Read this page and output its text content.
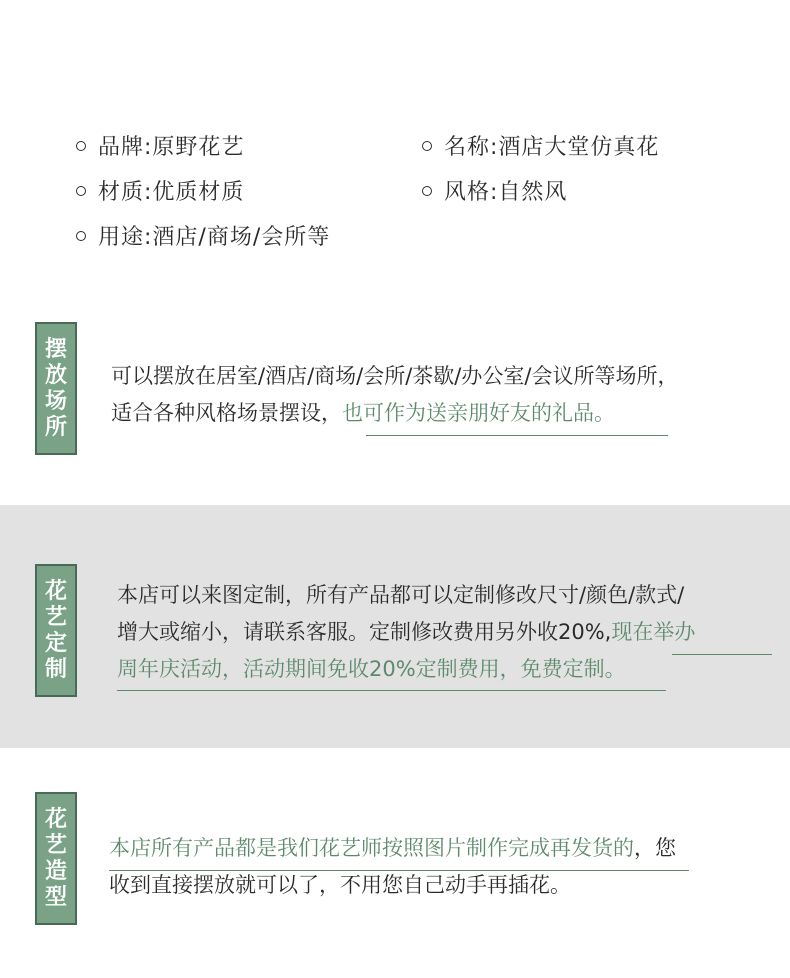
品牌:原野花艺	名称:酒店大堂仿真花
材质:优质材质	风格:自然风
用途:酒店/商场/会所等
摆
放
场
所
可以摆放在居室/酒店/商场/会所/茶歇/办公室/会议所等场所，
适合各种风格场景摆设，也可作为送亲朋好友的礼品。
花
艺
定
制
本店可以来图定制，所有产品都可以定制修改尺寸/颜色/款式/
增大或缩小，请联系客服。定制修改费用另外收20%,现在举办
周年庆活动，活动期间免收20%定制费用，免费定制。
花
艺
造
型
本店所有产品都是我们花艺师按照图片制作完成再发货的，您
收到直接摆放就可以了，不用您自己动手再插花。
